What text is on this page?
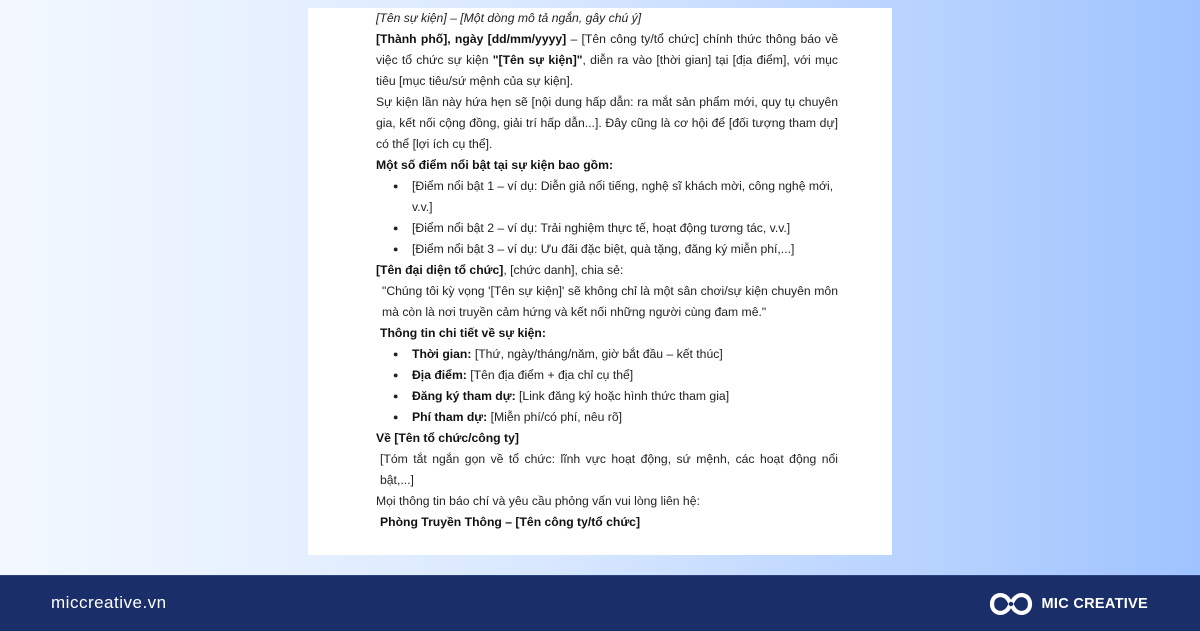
[Tên sự kiện] – [Một dòng mô tả ngắn, gây chú ý]

[Thành phố], ngày [dd/mm/yyyy] – [Tên công ty/tổ chức] chính thức thông báo về việc tổ chức sự kiện "[Tên sự kiện]", diễn ra vào [thời gian] tại [địa điểm], với mục tiêu [mục tiêu/sứ mệnh của sự kiện].

Sự kiện lần này hứa hẹn sẽ [nội dung hấp dẫn: ra mắt sản phẩm mới, quy tụ chuyên gia, kết nối cộng đồng, giải trí hấp dẫn...]. Đây cũng là cơ hội để [đối tượng tham dự] có thể [lợi ích cụ thể].

Một số điểm nổi bật tại sự kiện bao gồm:

● [Điểm nổi bật 1 – ví dụ: Diễn giả nổi tiếng, nghệ sĩ khách mời, công nghệ mới, v.v.]
● [Điểm nổi bật 2 – ví dụ: Trải nghiệm thực tế, hoạt động tương tác, v.v.]
● [Điểm nổi bật 3 – ví dụ: Ưu đãi đặc biệt, quà tặng, đăng ký miễn phí,...]

[Tên đại diện tổ chức], [chức danh], chia sẻ:

"Chúng tôi kỳ vọng '[Tên sự kiện]' sẽ không chỉ là một sân chơi/sự kiện chuyên môn mà còn là nơi truyền cảm hứng và kết nối những người cùng đam mê."

Thông tin chi tiết về sự kiện:

● Thời gian: [Thứ, ngày/tháng/năm, giờ bắt đầu – kết thúc]
● Địa điểm: [Tên địa điểm + địa chỉ cụ thể]
● Đăng ký tham dự: [Link đăng ký hoặc hình thức tham gia]
● Phí tham dự: [Miễn phí/có phí, nêu rõ]

Về [Tên tổ chức/công ty]

[Tóm tắt ngắn gọn về tổ chức: lĩnh vực hoạt động, sứ mệnh, các hoạt động nổi bật,...]

Mọi thông tin báo chí và yêu cầu phỏng vấn vui lòng liên hệ:

Phòng Truyền Thông – [Tên công ty/tổ chức]

miccreative.vn	MIC CREATIVE
